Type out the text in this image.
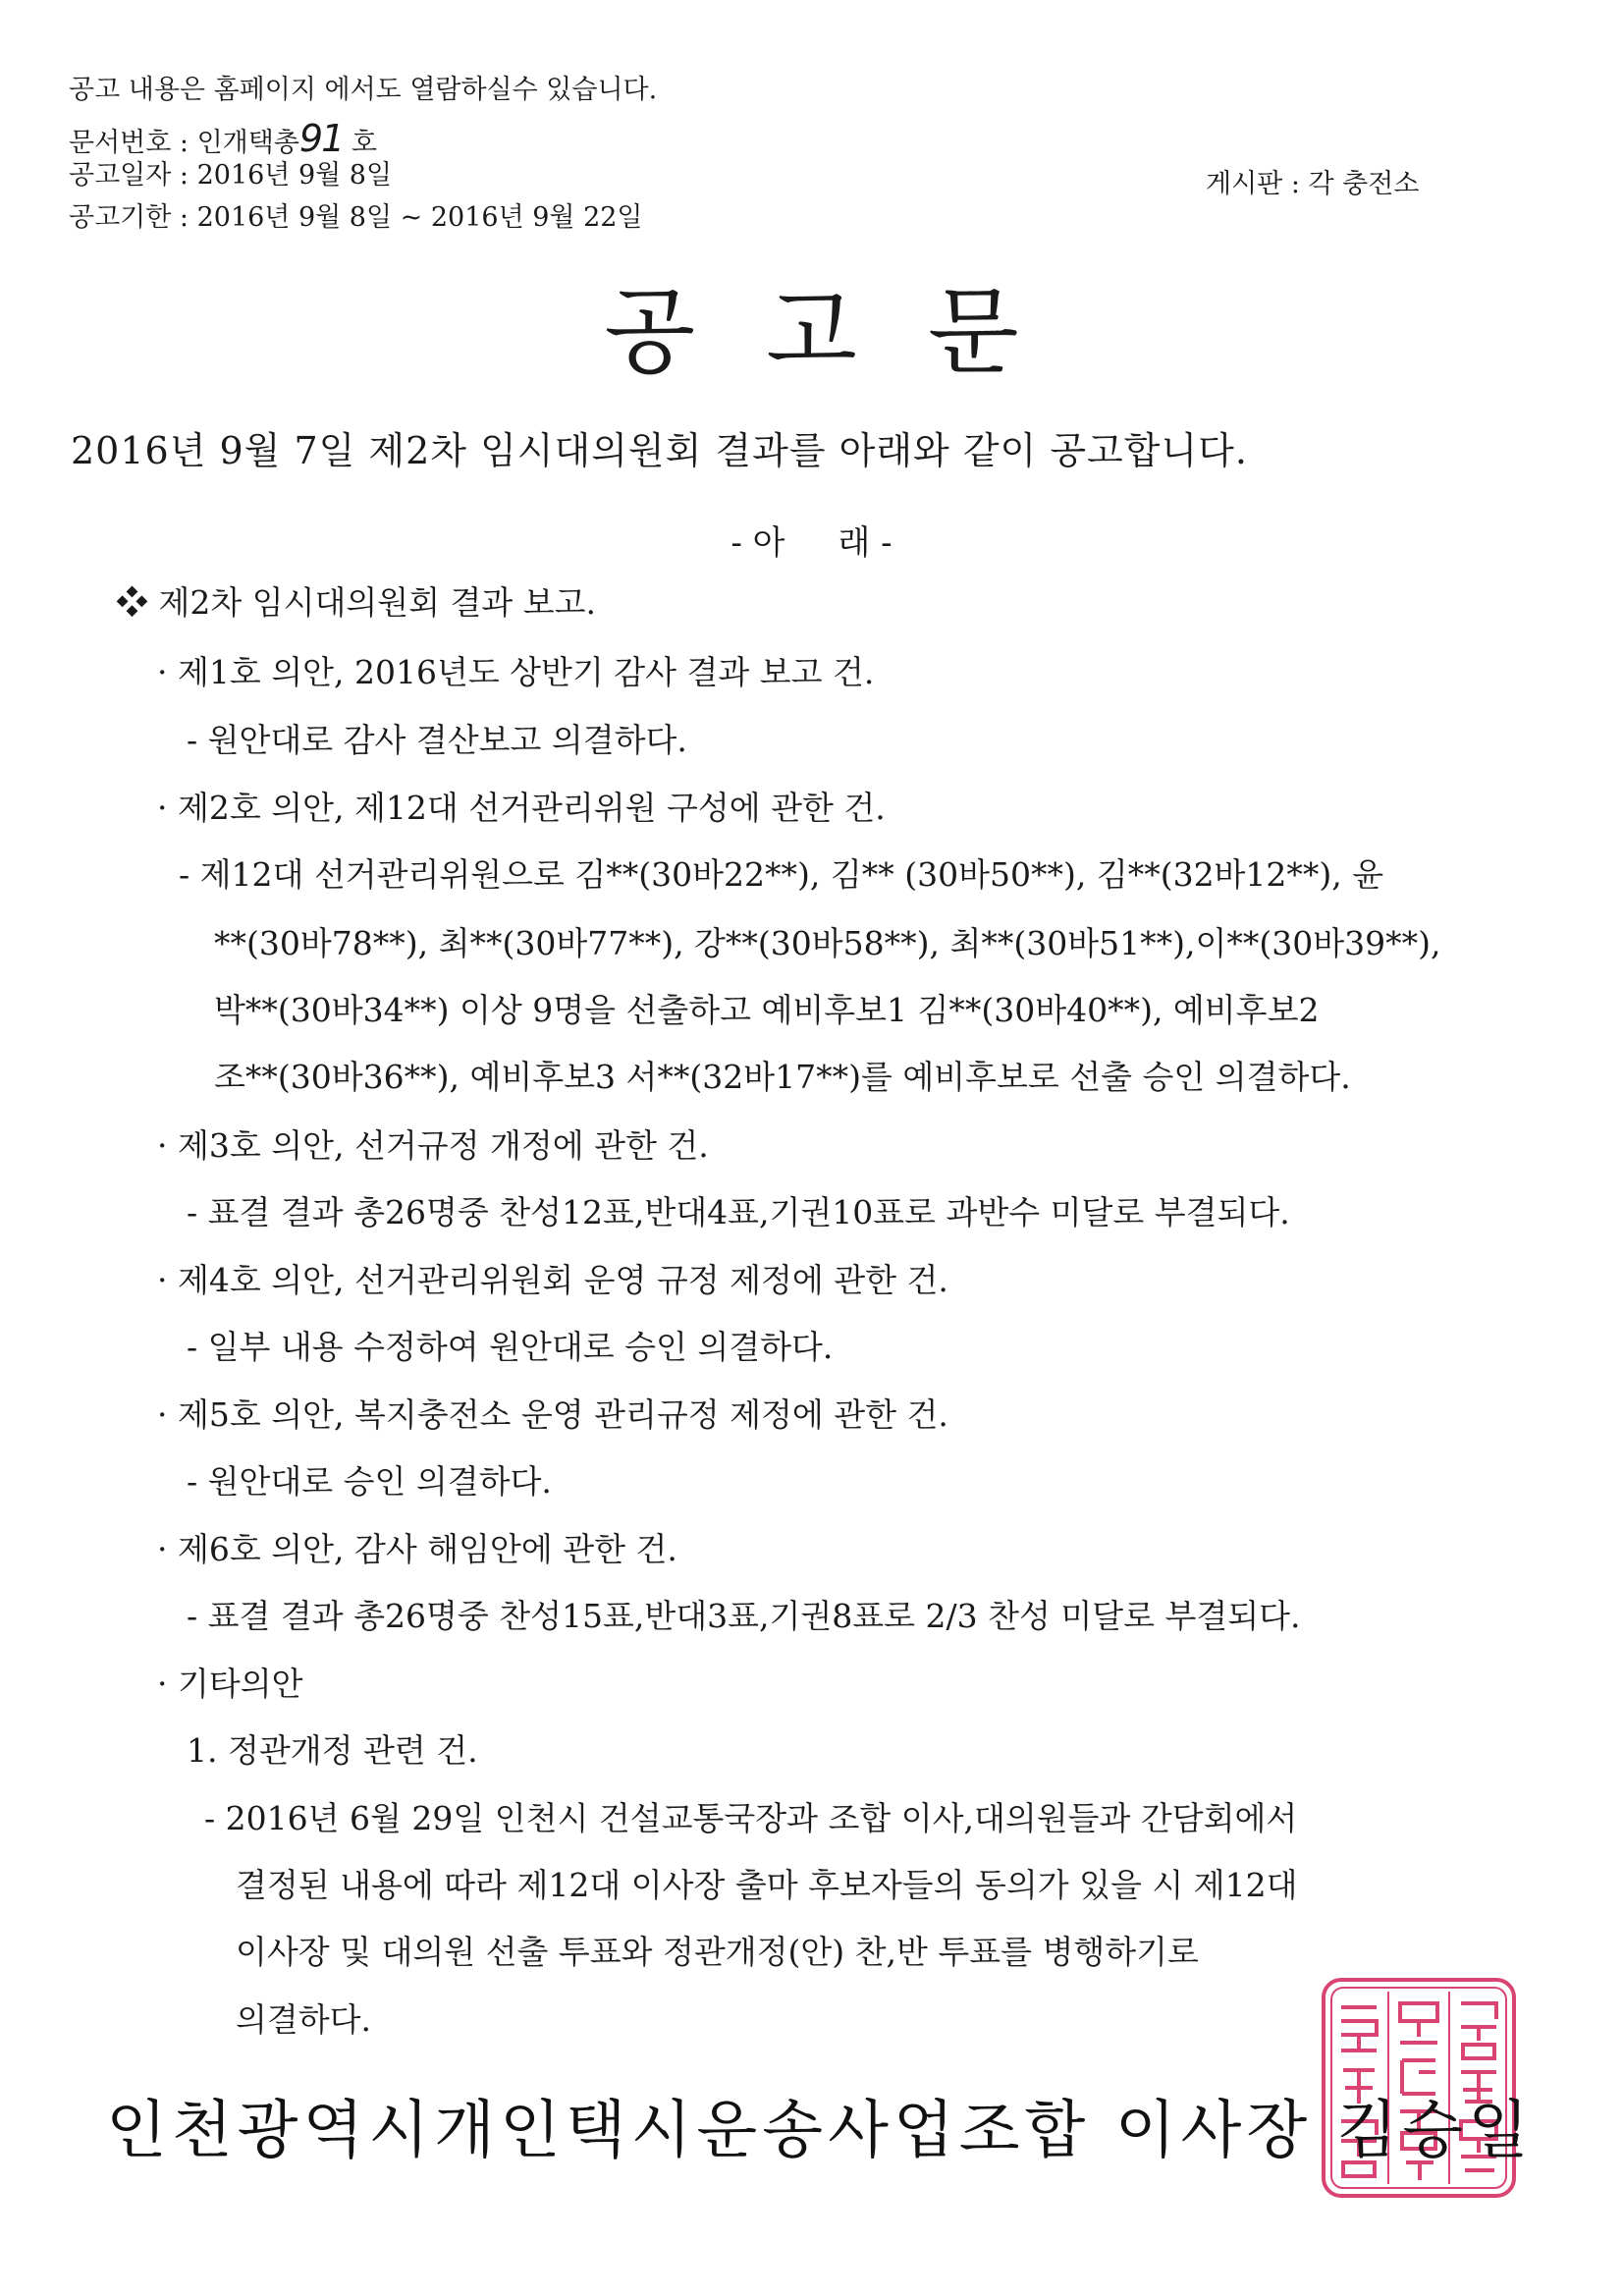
공고 내용은 홈페이지 에서도 열람하실수 있습니다.
문서번호 : 인개택총91 호
공고일자 : 2016년 9월 8일
공고기한 : 2016년 9월 8일 ~ 2016년 9월 22일
게시판 : 각 충전소
공고문
2016년 9월 7일 제2차 임시대의원회 결과를 아래와 같이 공고합니다.
- 아     래 -
❖ 제2차 임시대의원회 결과 보고.
· 제1호 의안, 2016년도 상반기 감사 결과 보고 건.
- 원안대로 감사 결산보고 의결하다.
· 제2호 의안, 제12대 선거관리위원 구성에 관한 건.
- 제12대 선거관리위원으로 김**(30바22**), 김** (30바50**), 김**(32바12**), 윤
**(30바78**), 최**(30바77**), 강**(30바58**), 최**(30바51**),이**(30바39**),
박**(30바34**) 이상 9명을 선출하고 예비후보1 김**(30바40**), 예비후보2
조**(30바36**), 예비후보3 서**(32바17**)를 예비후보로 선출 승인 의결하다.
· 제3호 의안, 선거규정 개정에 관한 건.
- 표결 결과 총26명중 찬성12표,반대4표,기권10표로 과반수 미달로 부결되다.
· 제4호 의안, 선거관리위원회 운영 규정 제정에 관한 건.
- 일부 내용 수정하여 원안대로 승인 의결하다.
· 제5호 의안, 복지충전소 운영 관리규정 제정에 관한 건.
- 원안대로 승인 의결하다.
· 제6호 의안, 감사 해임안에 관한 건.
- 표결 결과 총26명중 찬성15표,반대3표,기권8표로 2/3 찬성 미달로 부결되다.
· 기타의안
1. 정관개정 관련 건.
- 2016년 6월 29일 인천시 건설교통국장과 조합 이사,대의원들과 간담회에서
결정된 내용에 따라 제12대 이사장 출마 후보자들의 동의가 있을 시 제12대
이사장 및 대의원 선출 투표와 정관개정(안) 찬,반 투표를 병행하기로
의결하다.
인천광역시개인택시운송사업조합 이사장 김승일
